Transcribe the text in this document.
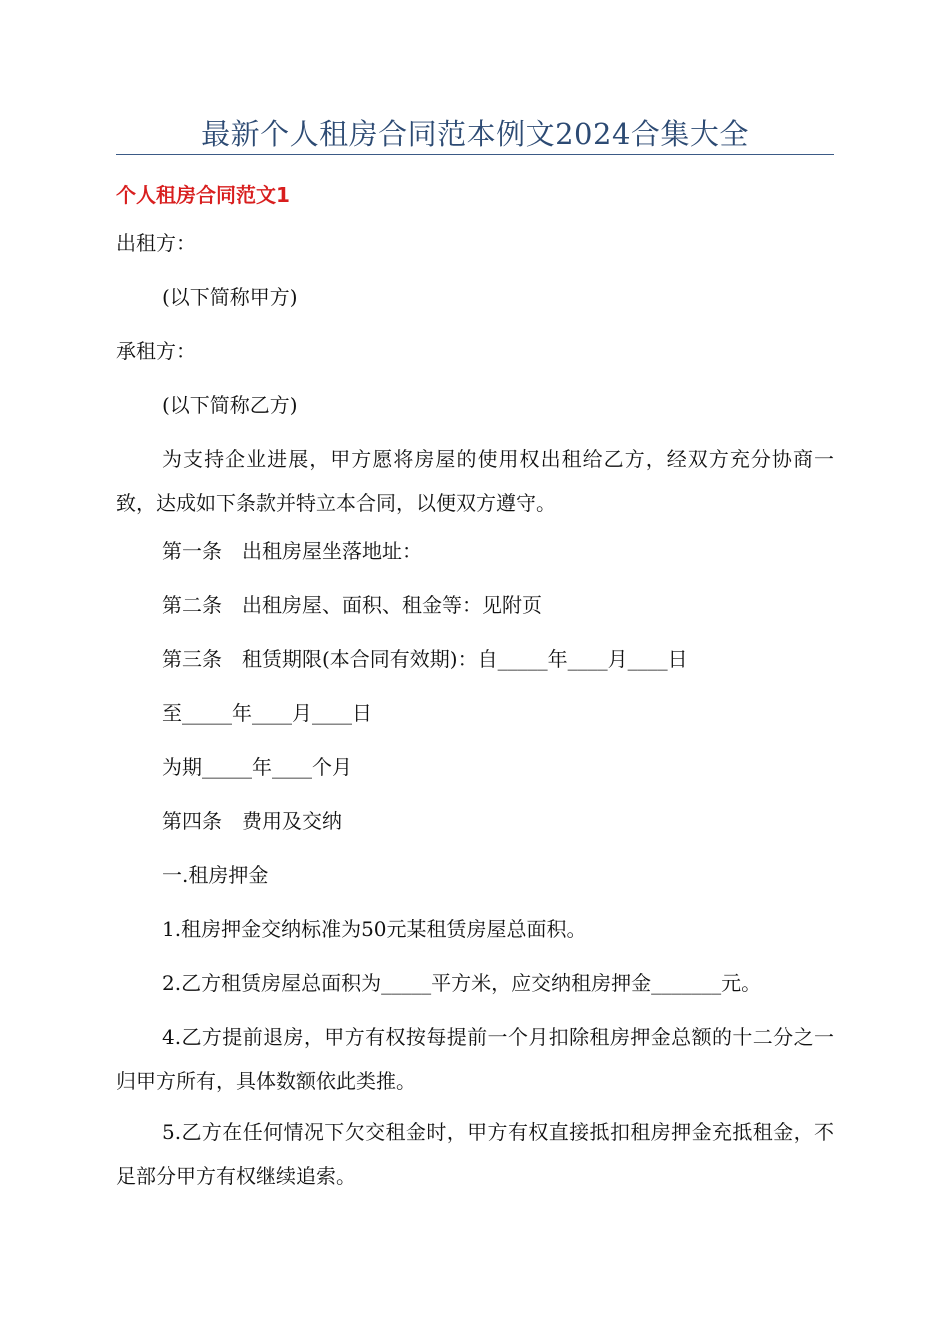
最新个人租房合同范本例文2024合集大全
个人租房合同范文1
出租方：
(以下简称甲方)
承租方：
(以下简称乙方)
为支持企业进展，甲方愿将房屋的使用权出租给乙方，经双方充分协商一致，达成如下条款并特立本合同，以便双方遵守。
第一条　出租房屋坐落地址：
第二条　出租房屋、面积、租金等：见附页
第三条　租赁期限(本合同有效期)：自_____年____月____日
至_____年____月____日
为期_____年____个月
第四条　费用及交纳
一.租房押金
1.租房押金交纳标准为50元某租赁房屋总面积。
2.乙方租赁房屋总面积为_____平方米，应交纳租房押金_______元。
4.乙方提前退房，甲方有权按每提前一个月扣除租房押金总额的十二分之一归甲方所有，具体数额依此类推。
5.乙方在任何情况下欠交租金时，甲方有权直接抵扣租房押金充抵租金，不足部分甲方有权继续追索。
